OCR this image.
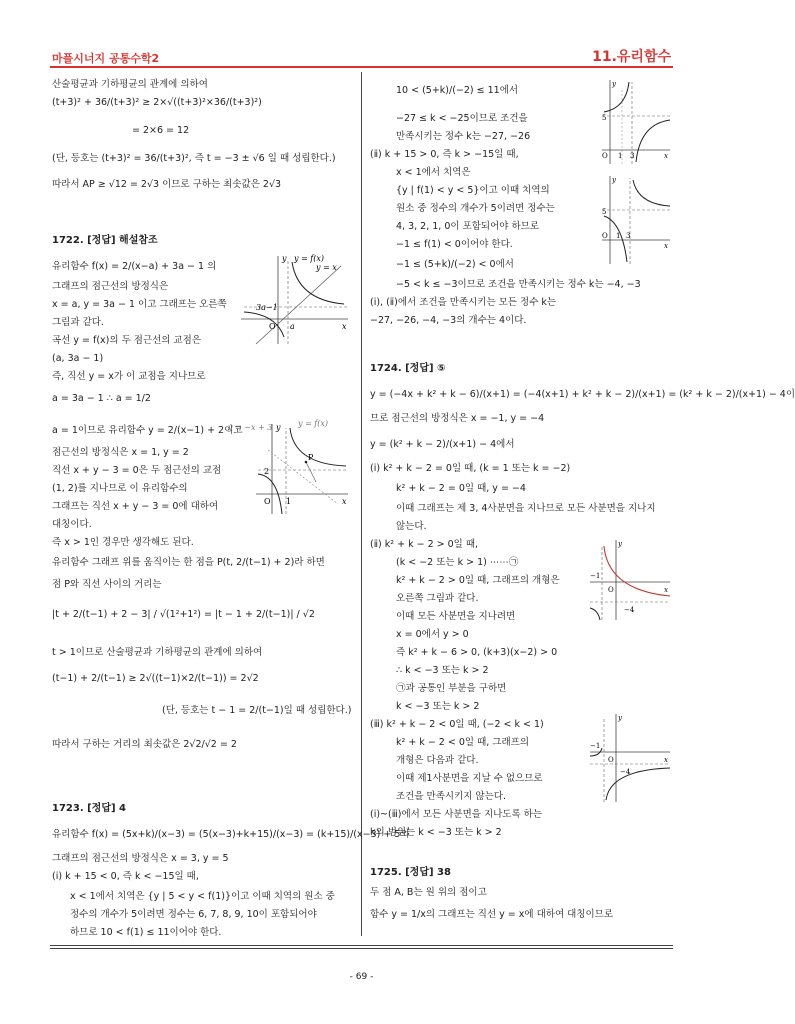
마플시너지 공통수학2	11.유리함수
산술평균과 기하평균의 관계에 의하여
(t+3)² + 36/(t+3)² ≥ 2×√((t+3)²×36/(t+3)²)
= 2×6 = 12
(단, 등호는 (t+3)² = 36/(t+3)², 즉 t = −3 ± √6 일 때 성립한다.)
따라서 AP ≥ √12 = 2√3 이므로 구하는 최솟값은 2√3
1722. [정답] 해설참조
유리함수 f(x) = 2/(x−a) + 3a − 1 의
그래프의 점근선의 방정식은
x = a, y = 3a − 1 이고 그래프는 오른쪽
그림과 같다.
곡선 y = f(x)의 두 점근선의 교점은
(a, 3a − 1)
즉, 직선 y = x가 이 교점을 지나므로
a = 3a − 1 ∴ a = 1/2
a = 1이므로 유리함수 y = 2/(x−1) + 2이고
점근선의 방정식은 x = 1, y = 2
직선 x + y − 3 = 0은 두 점근선의 교점
(1, 2)를 지나므로 이 유리함수의
그래프는 직선 x + y − 3 = 0에 대하여
대칭이다.
즉 x > 1인 경우만 생각해도 된다.
유리함수 그래프 위를 움직이는 한 점을 P(t, 2/(t−1) + 2)라 하면
점 P와 직선 사이의 거리는
|t + 2/(t−1) + 2 − 3| / √(1²+1²) = |t − 1 + 2/(t−1)| / √2
t > 1이므로 산술평균과 기하평균의 관계에 의하여
(t−1) + 2/(t−1) ≥ 2√((t−1)×2/(t−1)) = 2√2
(단, 등호는 t − 1 = 2/(t−1)일 때 성립한다.)
따라서 구하는 거리의 최솟값은 2√2/√2 = 2
1723. [정답] 4
유리함수 f(x) = (5x+k)/(x−3) = (5(x−3)+k+15)/(x−3) = (k+15)/(x−3) + 5의
그래프의 점근선의 방정식은 x = 3, y = 5
(ⅰ) k + 15 < 0, 즉 k < −15일 때,
x < 1에서 치역은 {y | 5 < y < f(1)}이고 이때 치역의 원소 중
정수의 개수가 5이려면 정수는 6, 7, 8, 9, 10이 포함되어야
하므로 10 < f(1) ≤ 11이어야 한다.
10 < (5+k)/(−2) ≤ 11에서
−27 ≤ k < −25이므로 조건을
만족시키는 정수 k는 −27, −26
(ⅱ) k + 15 > 0, 즉 k > −15일 때,
x < 1에서 치역은
{y | f(1) < y < 5}이고 이때 치역의
원소 중 정수의 개수가 5이려면 정수는
4, 3, 2, 1, 0이 포함되어야 하므로
−1 ≤ f(1) < 0이어야 한다.
−1 ≤ (5+k)/(−2) < 0에서
−5 < k ≤ −3이므로 조건을 만족시키는 정수 k는 −4, −3
(ⅰ), (ⅱ)에서 조건을 만족시키는 모든 정수 k는
−27, −26, −4, −3의 개수는 4이다.
1724. [정답] ⑤
y = (−4x + k² + k − 6)/(x+1) = (−4(x+1) + k² + k − 2)/(x+1) = (k² + k − 2)/(x+1) − 4이
므로 점근선의 방정식은 x = −1, y = −4
y = (k² + k − 2)/(x+1) − 4에서
(ⅰ) k² + k − 2 = 0일 때, (k = 1 또는 k = −2)
k² + k − 2 = 0일 때, y = −4
이때 그래프는 제 3, 4사분면을 지나므로 모든 사분면을 지나지
않는다.
(ⅱ) k² + k − 2 > 0일 때,
(k < −2 또는 k > 1) ⋯⋯㉠
k² + k − 2 > 0일 때, 그래프의 개형은
오른쪽 그림과 같다.
이때 모든 사분면을 지나려면
x = 0에서 y > 0
즉 k² + k − 6 > 0, (k+3)(x−2) > 0
∴ k < −3 또는 k > 2
㉠과 공통인 부분을 구하면
k < −3 또는 k > 2
(ⅲ) k² + k − 2 < 0일 때, (−2 < k < 1)
k² + k − 2 < 0일 때, 그래프의
개형은 다음과 같다.
이때 제1사분면을 지날 수 없으므로
조건을 만족시키지 않는다.
(ⅰ)~(ⅲ)에서 모든 사분면을 지나도록 하는
k의 범위는 k < −3 또는 k > 2
1725. [정답] 38
두 점 A, B는 원 위의 점이고
함수 y = 1/x의 그래프는 직선 y = x에 대하여 대칭이므로
y y = f(x)
y = x
3a−1
O a	x
y = −x + 3 y y = f(x)
P
2
O 1	x
y
5
O 1 3	x
y
5
O 1 3
x
y
−1
O
−4
x
y
−1
O
−4
x
- 69 -
